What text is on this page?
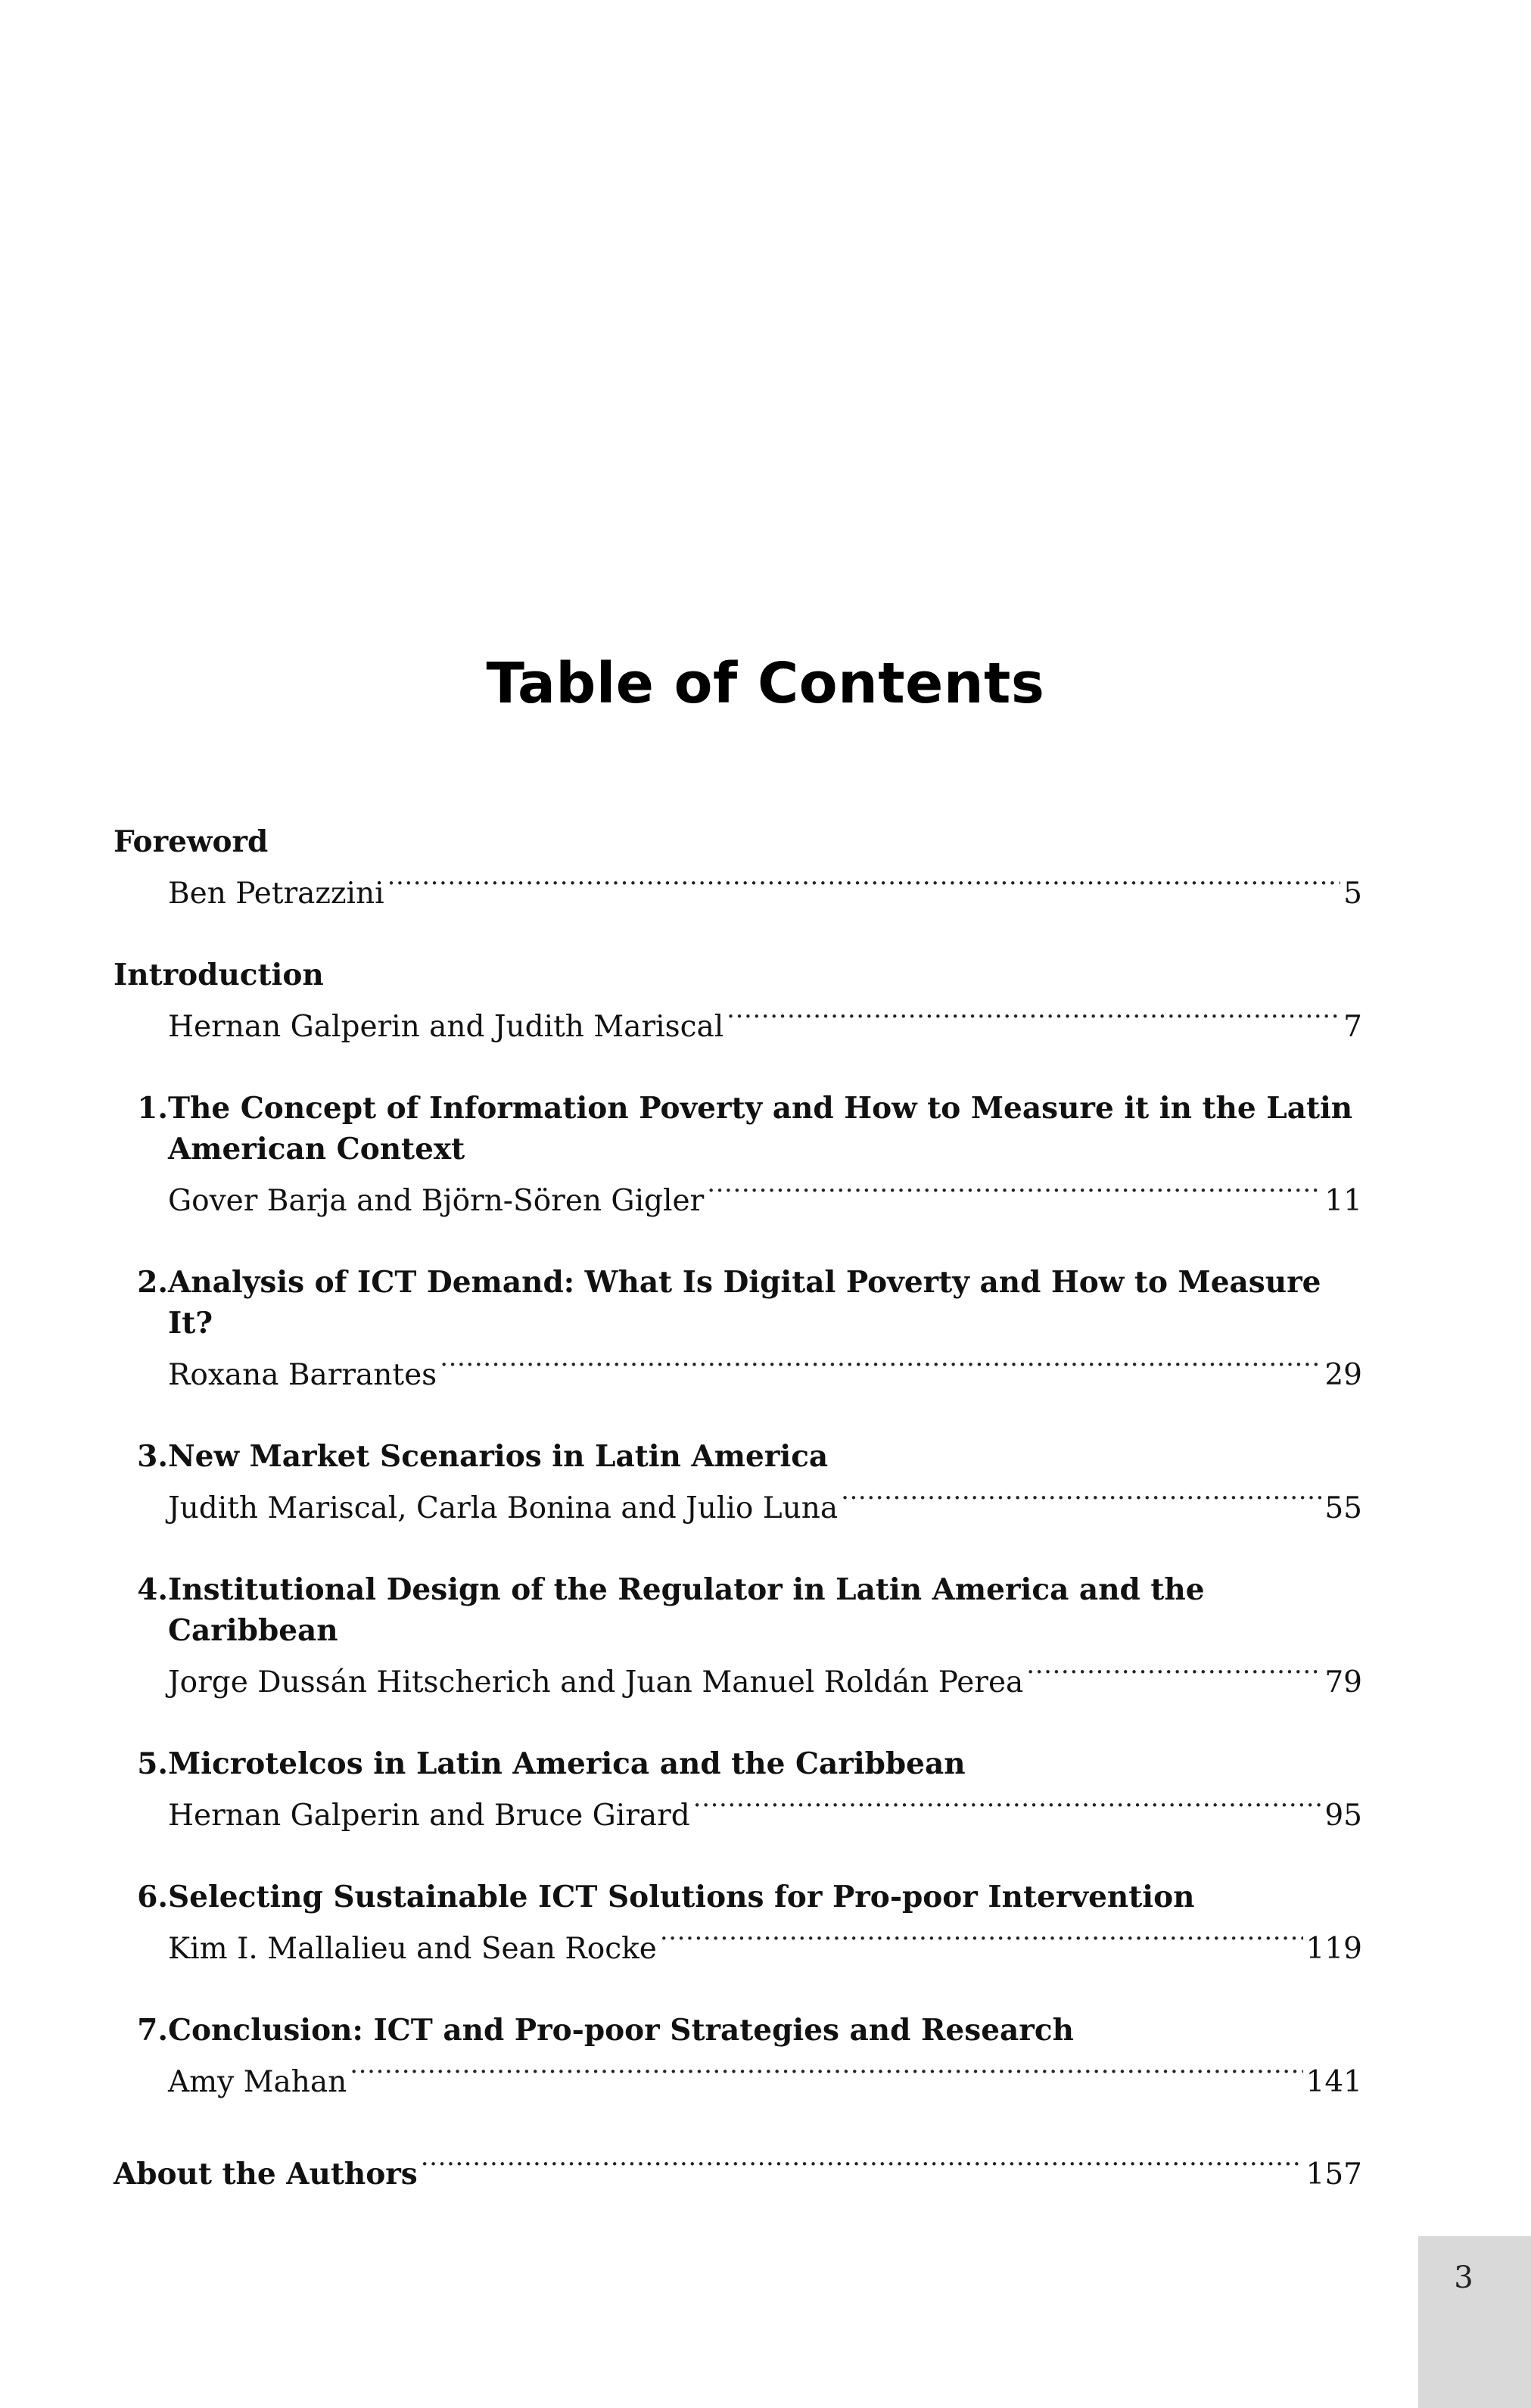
Table of Contents
Foreword
Ben Petrazzini .....	5
Introduction
Hernan Galperin and Judith Mariscal .....	7
1. The Concept of Information Poverty and How to Measure it in the Latin American Context
Gover Barja and Björn-Sören Gigler .....	11
2. Analysis of ICT Demand: What Is Digital Poverty and How to Measure It?
Roxana Barrantes .....	29
3. New Market Scenarios in Latin America
Judith Mariscal, Carla Bonina and Julio Luna .....	55
4. Institutional Design of the Regulator in Latin America and the Caribbean
Jorge Dussán Hitscherich and Juan Manuel Roldán Perea .....	79
5. Microtelcos in Latin America and the Caribbean
Hernan Galperin and Bruce Girard .....	95
6. Selecting Sustainable ICT Solutions for Pro-poor Intervention
Kim I. Mallalieu and Sean Rocke .....	119
7. Conclusion: ICT and Pro-poor Strategies and Research
Amy Mahan .....	141
About the Authors .....	157
3
